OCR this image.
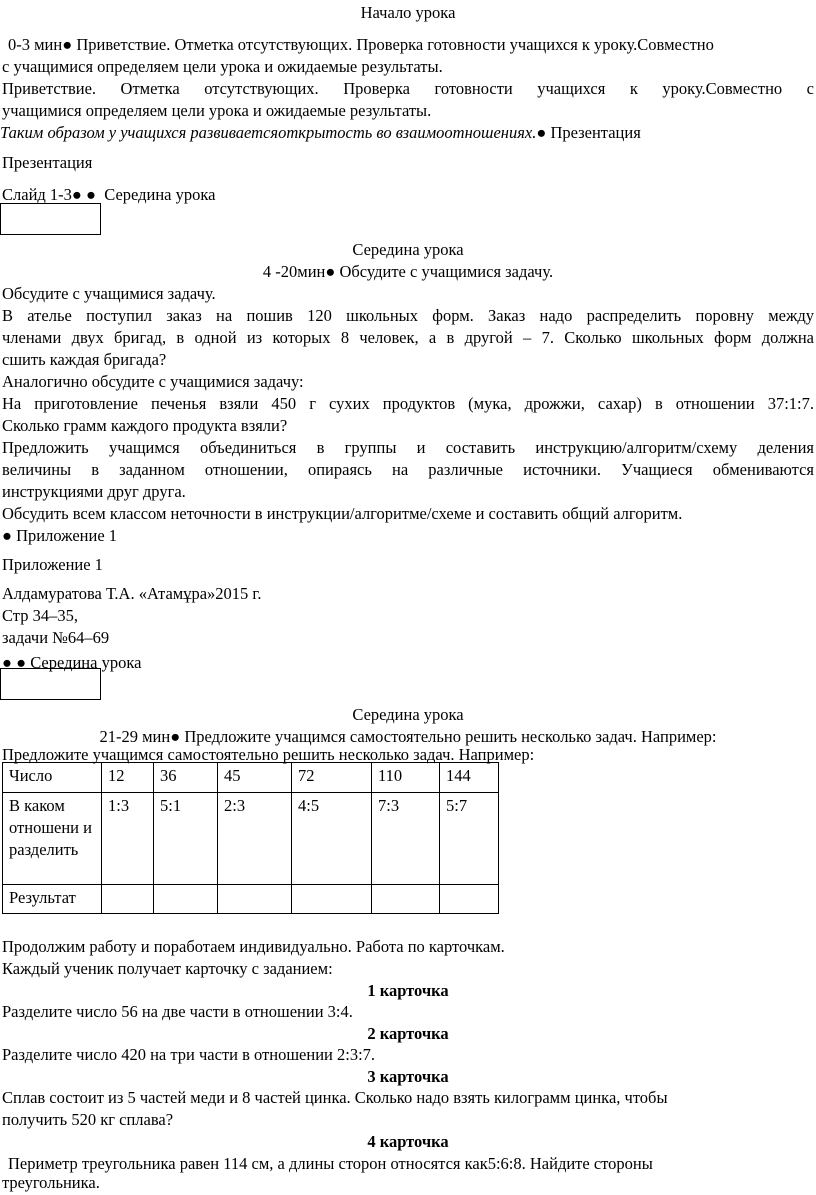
Начало урока
0-3 мин● Приветствие. Отметка отсутствующих. Проверка готовности учащихся к уроку.Совместно
с учащимися определяем цели урока и ожидаемые результаты.
Приветствие. Отметка отсутствующих. Проверка готовности учащихся к уроку.Совместно с
учащимися определяем цели урока и ожидаемые результаты.
Таким образом у учащихся развиваетсяоткрытость во взаимоотношениях.● Презентация
Презентация
Слайд 1-3● ● Середина урока
Середина урока
4 -20мин● Обсудите с учащимися задачу.
Обсудите с учащимися задачу.
В ателье поступил заказ на пошив 120 школьных форм. Заказ надо распределить поровну между
членами двух бригад, в одной из которых 8 человек, а в другой – 7. Сколько школьных форм должна
сшить каждая бригада?
Аналогично обсудите с учащимися задачу:
На приготовление печенья взяли 450 г сухих продуктов (мука, дрожжи, сахар) в отношении 37:1:7.
Сколько грамм каждого продукта взяли?
Предложить учащимся объединиться в группы и составить инструкцию/алгоритм/схему деления
величины в заданном отношении, опираясь на различные источники. Учащиеся обмениваются
инструкциями друг друга.
Обсудить всем классом неточности в инструкции/алгоритме/схеме и составить общий алгоритм.
● Приложение 1
Приложение 1
Алдамуратова Т.А. «Атамұра»2015 г.
Стр 34–35,
задачи №64–69
● ● Середина урока
Середина урока
21-29 мин● Предложите учащимся самостоятельно решить несколько задач. Например:
Предложите учащимся самостоятельно решить несколько задач. Например:
Число	12	36	45	72	110	144
В каком отношени и разделить	1:3	5:1	2:3	4:5	7:3	5:7
Результат						
Продолжим работу и поработаем индивидуально. Работа по карточкам.
Каждый ученик получает карточку с заданием:
1 карточка
Разделите число 56 на две части в отношении 3:4.
2 карточка
Разделите число 420 на три части в отношении 2:3:7.
3 карточка
Сплав состоит из 5 частей меди и 8 частей цинка. Сколько надо взять килограмм цинка, чтобы
получить 520 кг сплава?
4 карточка
Периметр треугольника равен 114 см, а длины сторон относятся как5:6:8. Найдите стороны
треугольника.
